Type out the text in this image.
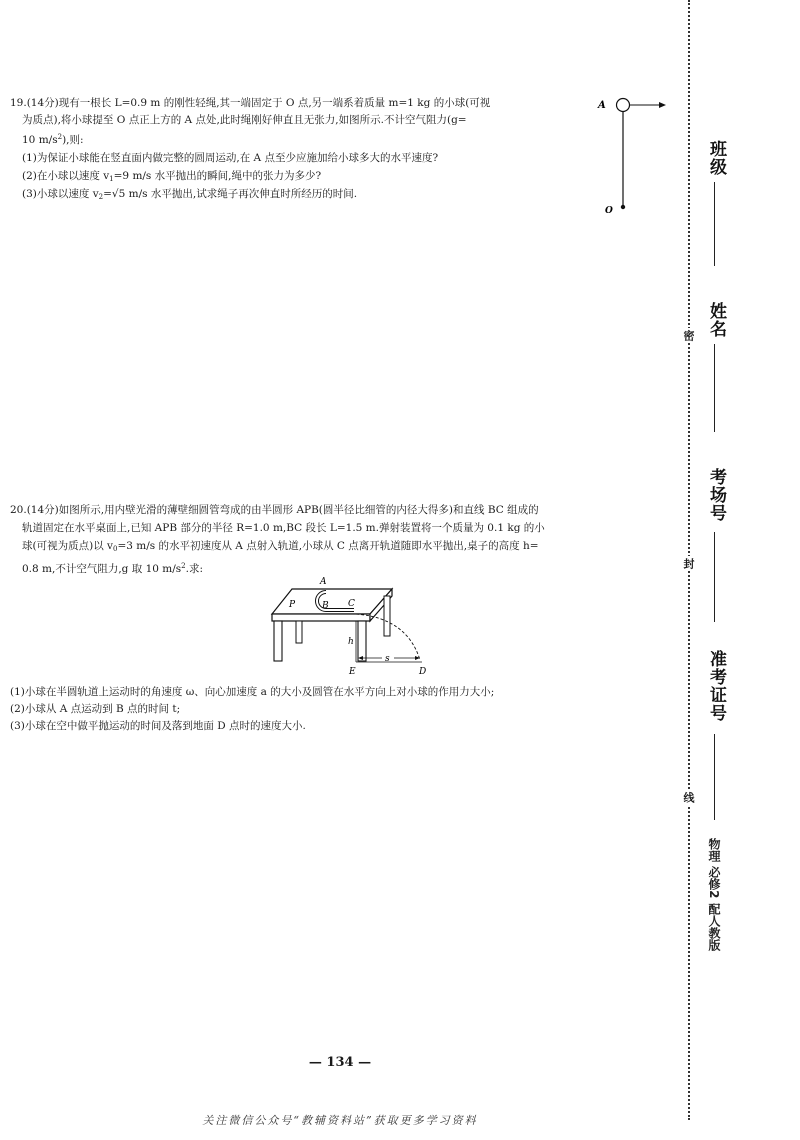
19.(14分)现有一根长 L=0.9 m 的刚性轻绳,其一端固定于 O 点,另一端系着质量 m=1 kg 的小球(可视
为质点),将小球提至 O 点正上方的 A 点处,此时绳刚好伸直且无张力,如图所示.不计空气阻力(g=
10 $m/s^2$),则:
(1)为保证小球能在竖直面内做完整的圆周运动,在 A 点至少应施加给小球多大的水平速度?
(2)在小球以速度 $v_1=9$ m/s 水平抛出的瞬间,绳中的张力为多少?
(3)小球以速度 $v_2=√5$ m/s 水平抛出,试求绳子再次伸直时所经历的时间.
A
O
20.(14分)如图所示,用内壁光滑的薄壁细圆管弯成的由半圆形 APB(圆半径比细管的内径大得多)和直线 BC 组成的
轨道固定在水平桌面上,已知 APB 部分的半径 R=1.0 m,BC 段长 L=1.5 m.弹射装置将一个质量为 0.1 kg 的小
球(可视为质点)以 $v_0=3$ m/s 的水平初速度从 A 点射入轨道,小球从 C 点离开轨道随即水平抛出,桌子的高度 h=
0.8 m,不计空气阻力,g 取 10 $m/s^2$.求:
A
P	B C
h
E
s
D
(1)小球在半圆轨道上运动时的角速度 ω、向心加速度 a 的大小及圆管在水平方向上对小球的作用力大小;
(2)小球从 A 点运动到 B 点的时间 t;
(3)小球在空中做平抛运动的时间及落到地面 D 点时的速度大小.
班级
姓名
考场号
准考证号
密
封
线
物理 必修2 配人教版
— 134 —
关注微信公众号“教辅资料站”获取更多学习资料
